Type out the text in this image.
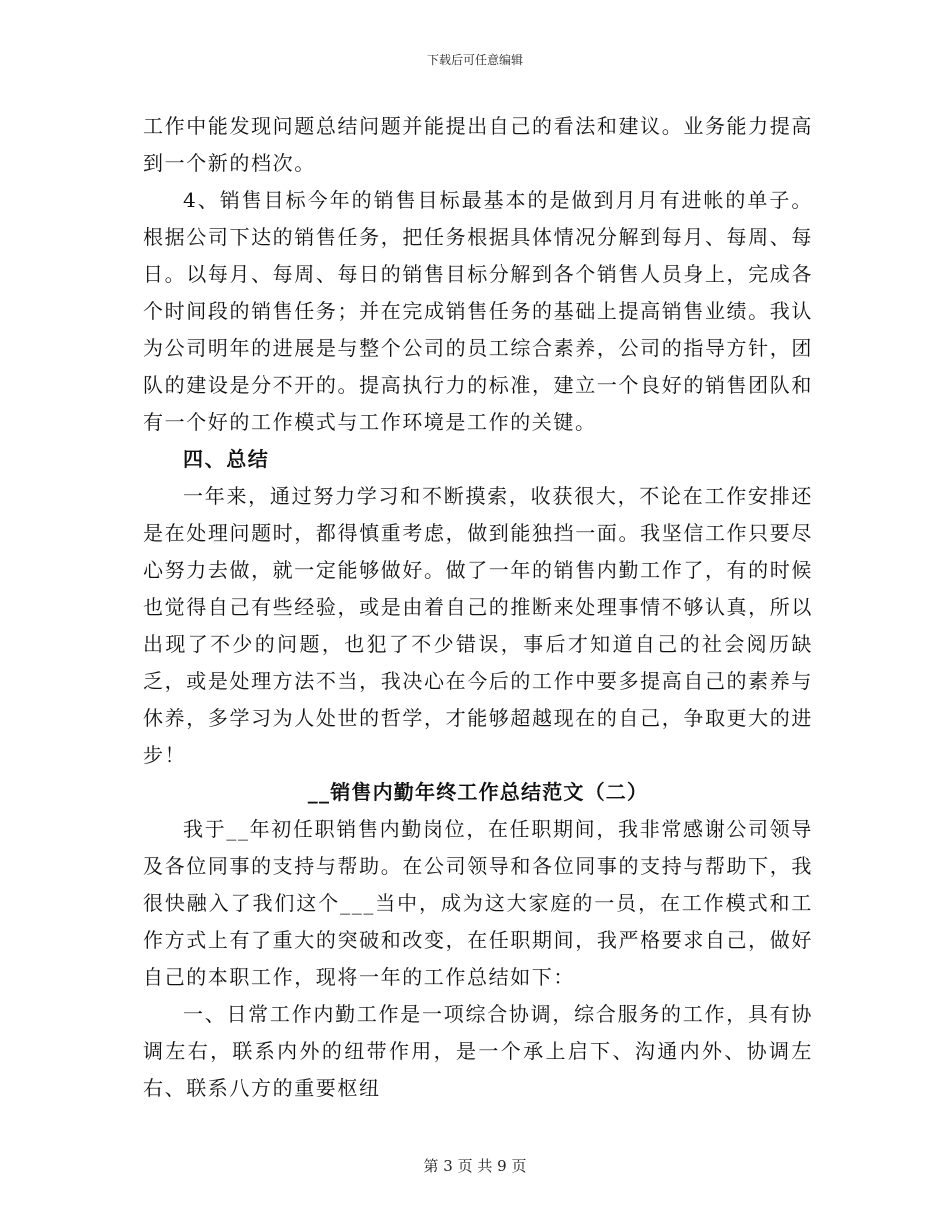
下载后可任意编辑

工作中能发现问题总结问题并能提出自己的看法和建议。业务能力提高到一个新的档次。

4、销售目标今年的销售目标最基本的是做到月月有进帐的单子。根据公司下达的销售任务，把任务根据具体情况分解到每月、每周、每日。以每月、每周、每日的销售目标分解到各个销售人员身上，完成各个时间段的销售任务；并在完成销售任务的基础上提高销售业绩。我认为公司明年的进展是与整个公司的员工综合素养，公司的指导方针，团队的建设是分不开的。提高执行力的标准，建立一个良好的销售团队和有一个好的工作模式与工作环境是工作的关键。

四、总结

一年来，通过努力学习和不断摸索，收获很大，不论在工作安排还是在处理问题时，都得慎重考虑，做到能独挡一面。我坚信工作只要尽心努力去做，就一定能够做好。做了一年的销售内勤工作了，有的时候也觉得自己有些经验，或是由着自己的推断来处理事情不够认真，所以出现了不少的问题，也犯了不少错误，事后才知道自己的社会阅历缺乏，或是处理方法不当，我决心在今后的工作中要多提高自己的素养与休养，多学习为人处世的哲学，才能够超越现在的自己，争取更大的进步！

__销售内勤年终工作总结范文（二）

我于__年初任职销售内勤岗位，在任职期间，我非常感谢公司领导及各位同事的支持与帮助。在公司领导和各位同事的支持与帮助下，我很快融入了我们这个___当中，成为这大家庭的一员，在工作模式和工作方式上有了重大的突破和改变，在任职期间，我严格要求自己，做好自己的本职工作，现将一年的工作总结如下：

一、日常工作内勤工作是一项综合协调，综合服务的工作，具有协调左右，联系内外的纽带作用，是一个承上启下、沟通内外、协调左右、联系八方的重要枢纽

第 3 页 共 9 页
